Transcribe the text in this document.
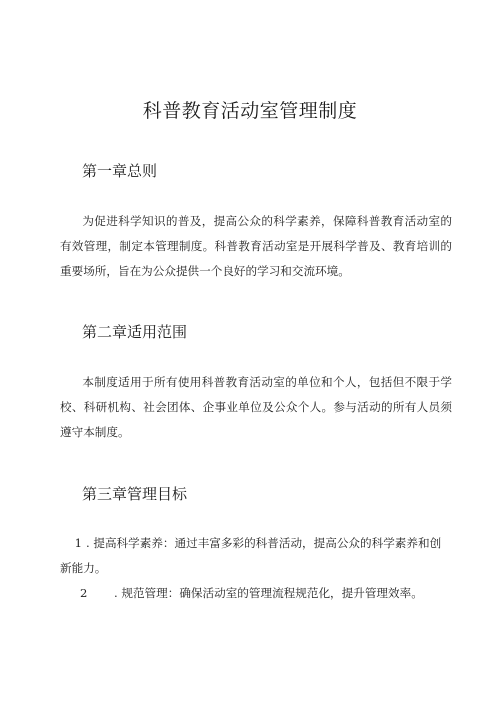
科普教育活动室管理制度
第一章总则
为促进科学知识的普及，提高公众的科学素养，保障科普教育活动室的有效管理，制定本管理制度。科普教育活动室是开展科学普及、教育培训的重要场所，旨在为公众提供一个良好的学习和交流环境。
第二章适用范围
本制度适用于所有使用科普教育活动室的单位和个人，包括但不限于学校、科研机构、社会团体、企事业单位及公众个人。参与活动的所有人员须遵守本制度。
第三章管理目标
1 . 提高科学素养：通过丰富多彩的科普活动，提高公众的科学素养和创新能力。
2 . 规范管理：确保活动室的管理流程规范化，提升管理效率。
